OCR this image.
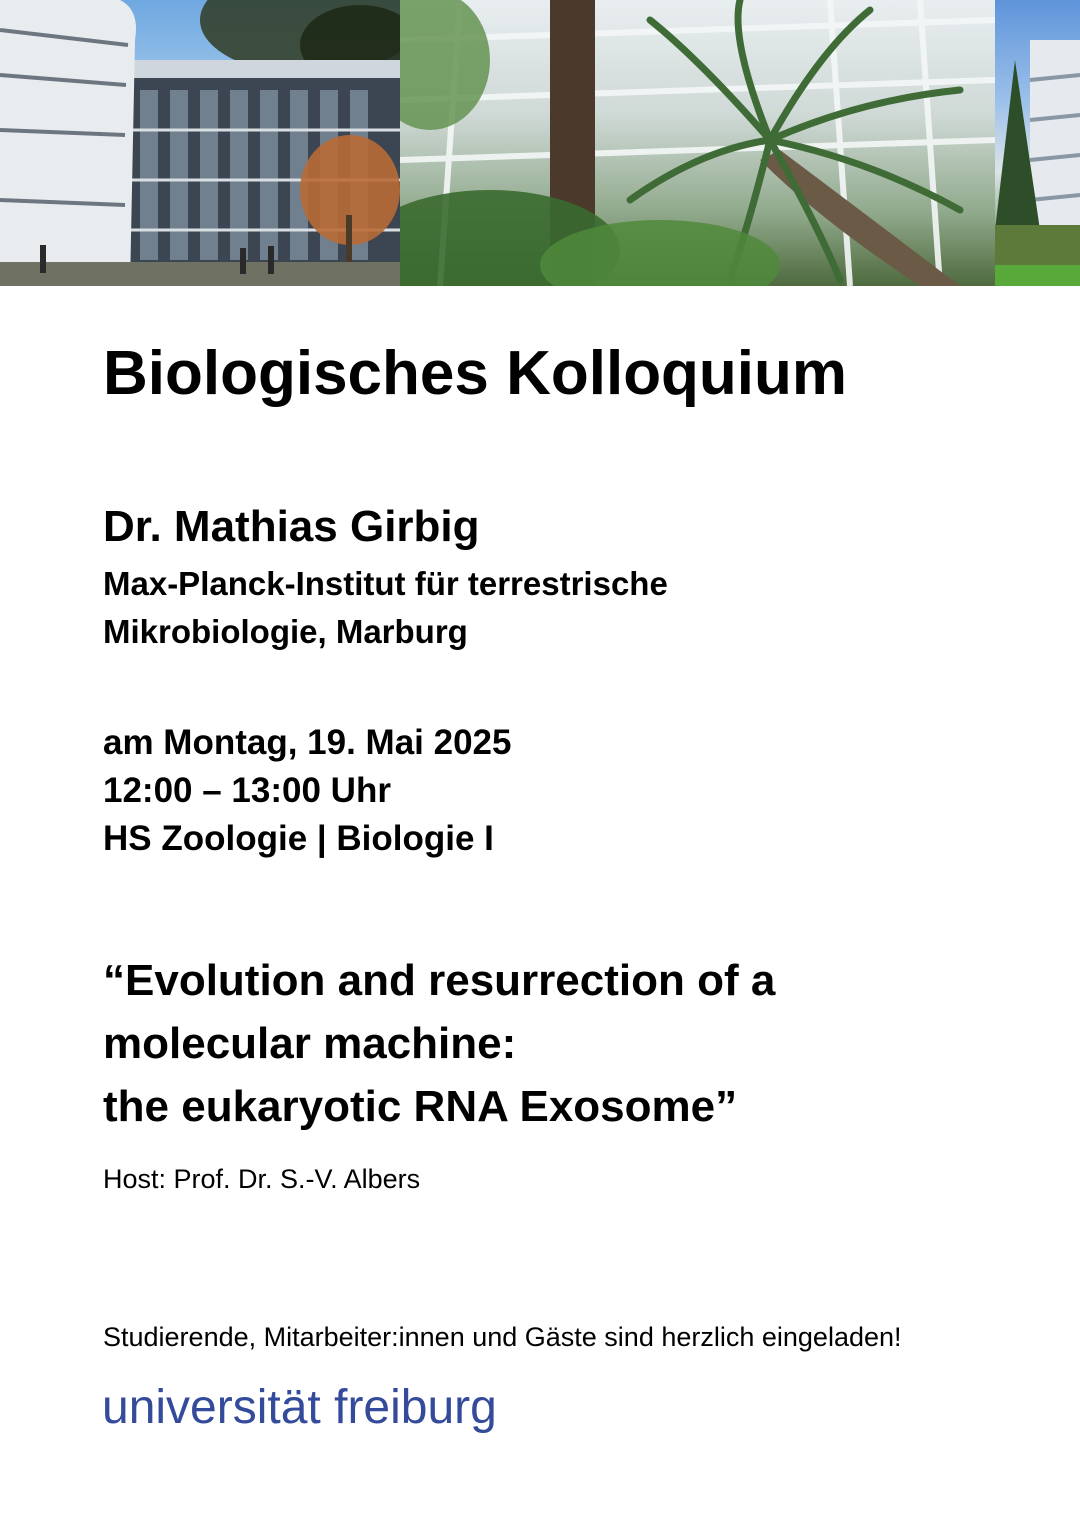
Biologisches Kolloquium
Dr. Mathias Girbig
Max-Planck-Institut für terrestrische
Mikrobiologie, Marburg
am Montag, 19. Mai 2025
12:00 – 13:00 Uhr
HS Zoologie | Biologie I
“Evolution and resurrection of a
molecular machine:
the eukaryotic RNA Exosome”
Host: Prof. Dr. S.-V. Albers
Studierende, Mitarbeiter:innen und Gäste sind herzlich eingeladen!
universität freiburg
